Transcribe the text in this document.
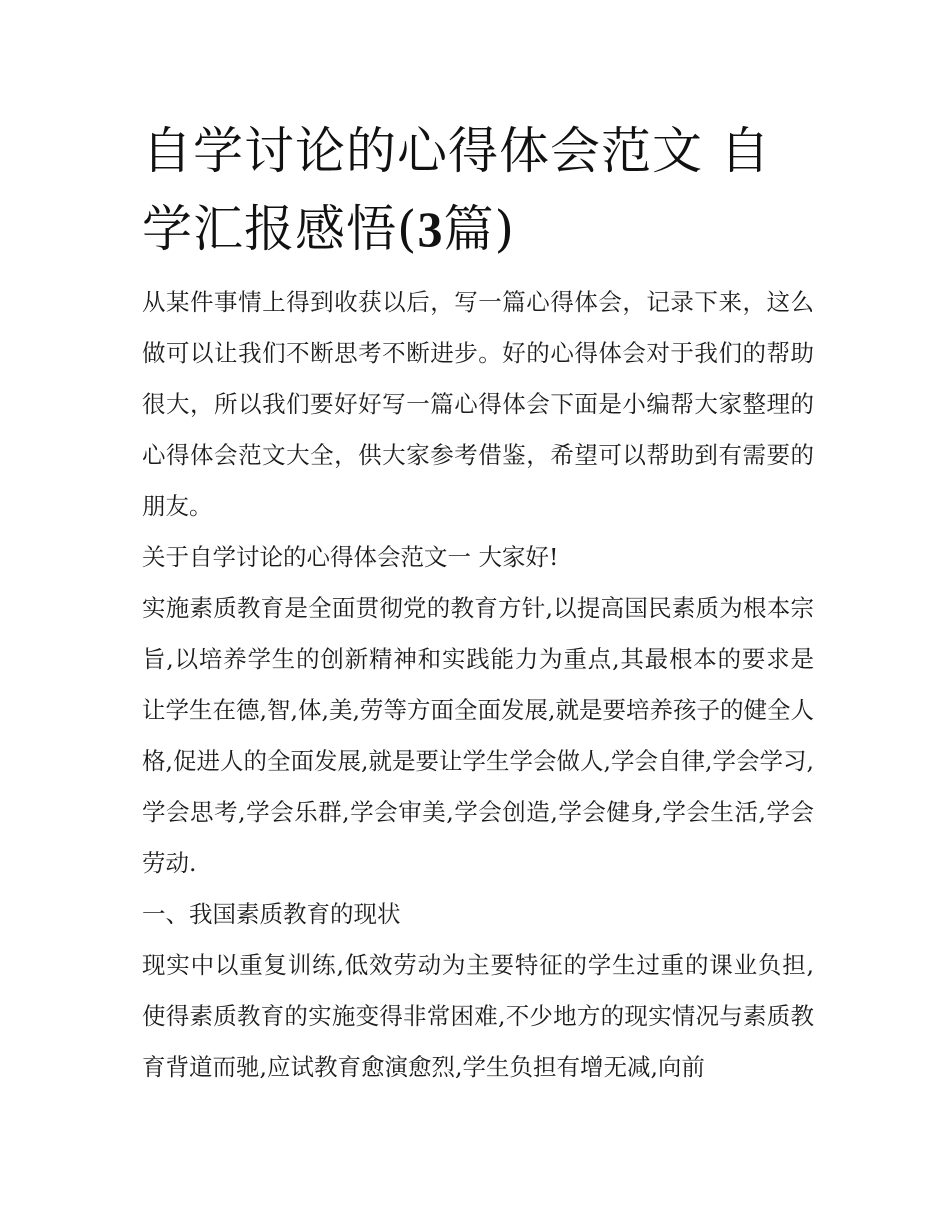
自学讨论的心得体会范文 自学汇报感悟(3篇)

从某件事情上得到收获以后，写一篇心得体会，记录下来，这么做可以让我们不断思考不断进步。好的心得体会对于我们的帮助很大，所以我们要好好写一篇心得体会下面是小编帮大家整理的心得体会范文大全，供大家参考借鉴，希望可以帮助到有需要的朋友。

关于自学讨论的心得体会范文一 大家好!

实施素质教育是全面贯彻党的教育方针,以提高国民素质为根本宗旨,以培养学生的创新精神和实践能力为重点,其最根本的要求是让学生在德,智,体,美,劳等方面全面发展,就是要培养孩子的健全人格,促进人的全面发展,就是要让学生学会做人,学会自律,学会学习,学会思考,学会乐群,学会审美,学会创造,学会健身,学会生活,学会劳动.

一、我国素质教育的现状

现实中以重复训练,低效劳动为主要特征的学生过重的课业负担,使得素质教育的实施变得非常困难,不少地方的现实情况与素质教育背道而驰,应试教育愈演愈烈,学生负担有增无减,向前
